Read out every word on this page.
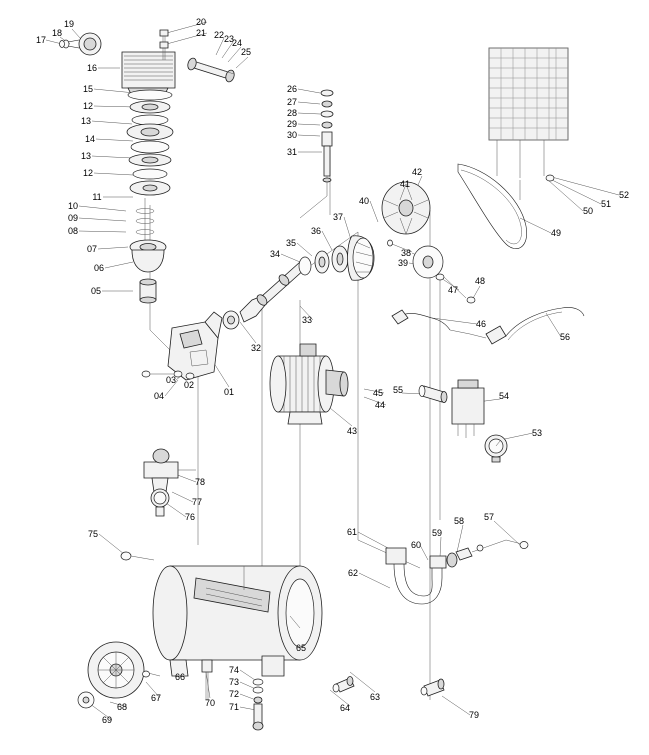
17
18
19
16
15
12
13
14
13
12
11
10
09
08
07
06
05
20
21 22 23
24
25
26
27
28
29
30
31
34
35
36
37
40
41
42
38
39
47
48
49
50
51
52
33
32
03 02
04	01
43
44
45 55
54
53
46
56
78
77
76
75	61
60
59
58 57
62
65
66
67
68
69
70 71
72
73
74
63
64
79
